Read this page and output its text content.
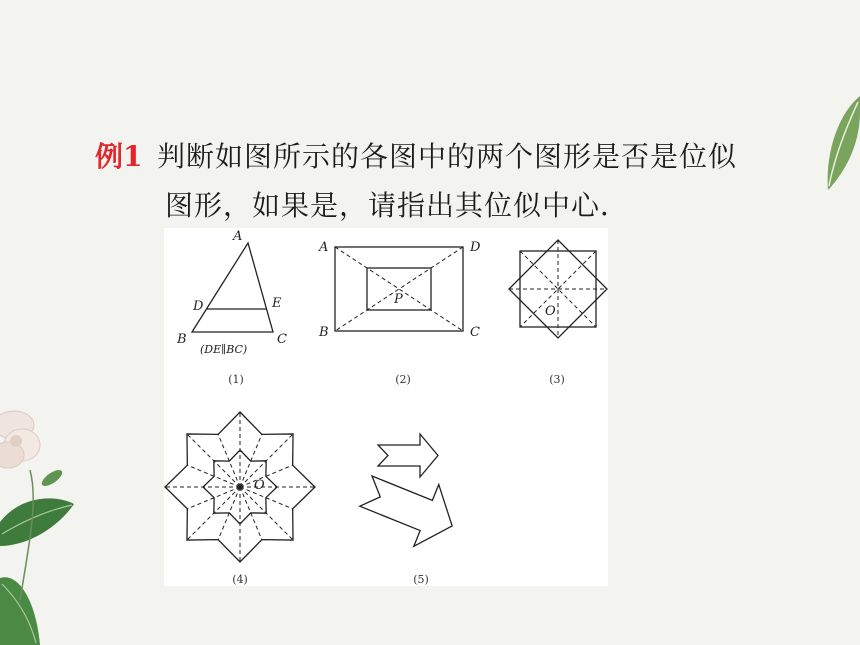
例1 判断如图所示的各图中的两个图形是否是位似
图形，如果是，请指出其位似中心．
A
D	E
B	C
(DE∥BC)
(1)
A	D
B	C
P
(2)
O
(3)
O
(4)	(5)
